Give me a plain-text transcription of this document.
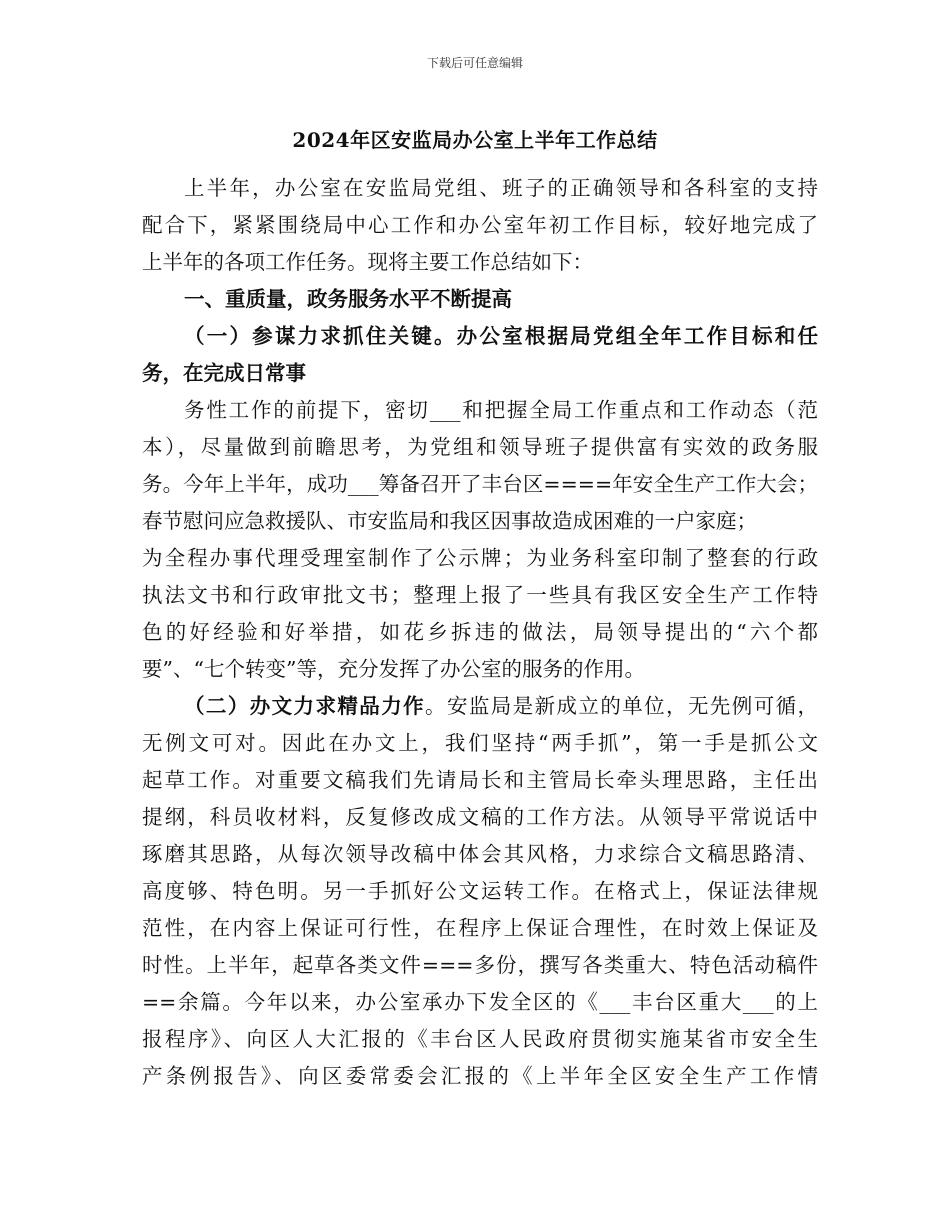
下载后可任意编辑
2024年区安监局办公室上半年工作总结
上半年，办公室在安监局党组、班子的正确领导和各科室的支持
配合下，紧紧围绕局中心工作和办公室年初工作目标，较好地完成了
上半年的各项工作任务。现将主要工作总结如下：
一、重质量，政务服务水平不断提高
（一）参谋力求抓住关键。办公室根据局党组全年工作目标和任
务，在完成日常事
务性工作的前提下，密切___和把握全局工作重点和工作动态（范
本），尽量做到前瞻思考，为党组和领导班子提供富有实效的政务服
务。今年上半年，成功___筹备召开了丰台区====年安全生产工作大会；
春节慰问应急救援队、市安监局和我区因事故造成困难的一户家庭；
为全程办事代理受理室制作了公示牌；为业务科室印制了整套的行政
执法文书和行政审批文书；整理上报了一些具有我区安全生产工作特
色的好经验和好举措，如花乡拆违的做法，局领导提出的“六个都
要”、“七个转变”等，充分发挥了办公室的服务的作用。
（二）办文力求精品力作。安监局是新成立的单位，无先例可循，
无例文可对。因此在办文上，我们坚持“两手抓”，第一手是抓公文
起草工作。对重要文稿我们先请局长和主管局长牵头理思路，主任出
提纲，科员收材料，反复修改成文稿的工作方法。从领导平常说话中
琢磨其思路，从每次领导改稿中体会其风格，力求综合文稿思路清、
高度够、特色明。另一手抓好公文运转工作。在格式上，保证法律规
范性，在内容上保证可行性，在程序上保证合理性，在时效上保证及
时性。上半年，起草各类文件===多份，撰写各类重大、特色活动稿件
==余篇。今年以来，办公室承办下发全区的《___丰台区重大___的上
报程序》、向区人大汇报的《丰台区人民政府贯彻实施某省市安全生
产条例报告》、向区委常委会汇报的《上半年全区安全生产工作情
